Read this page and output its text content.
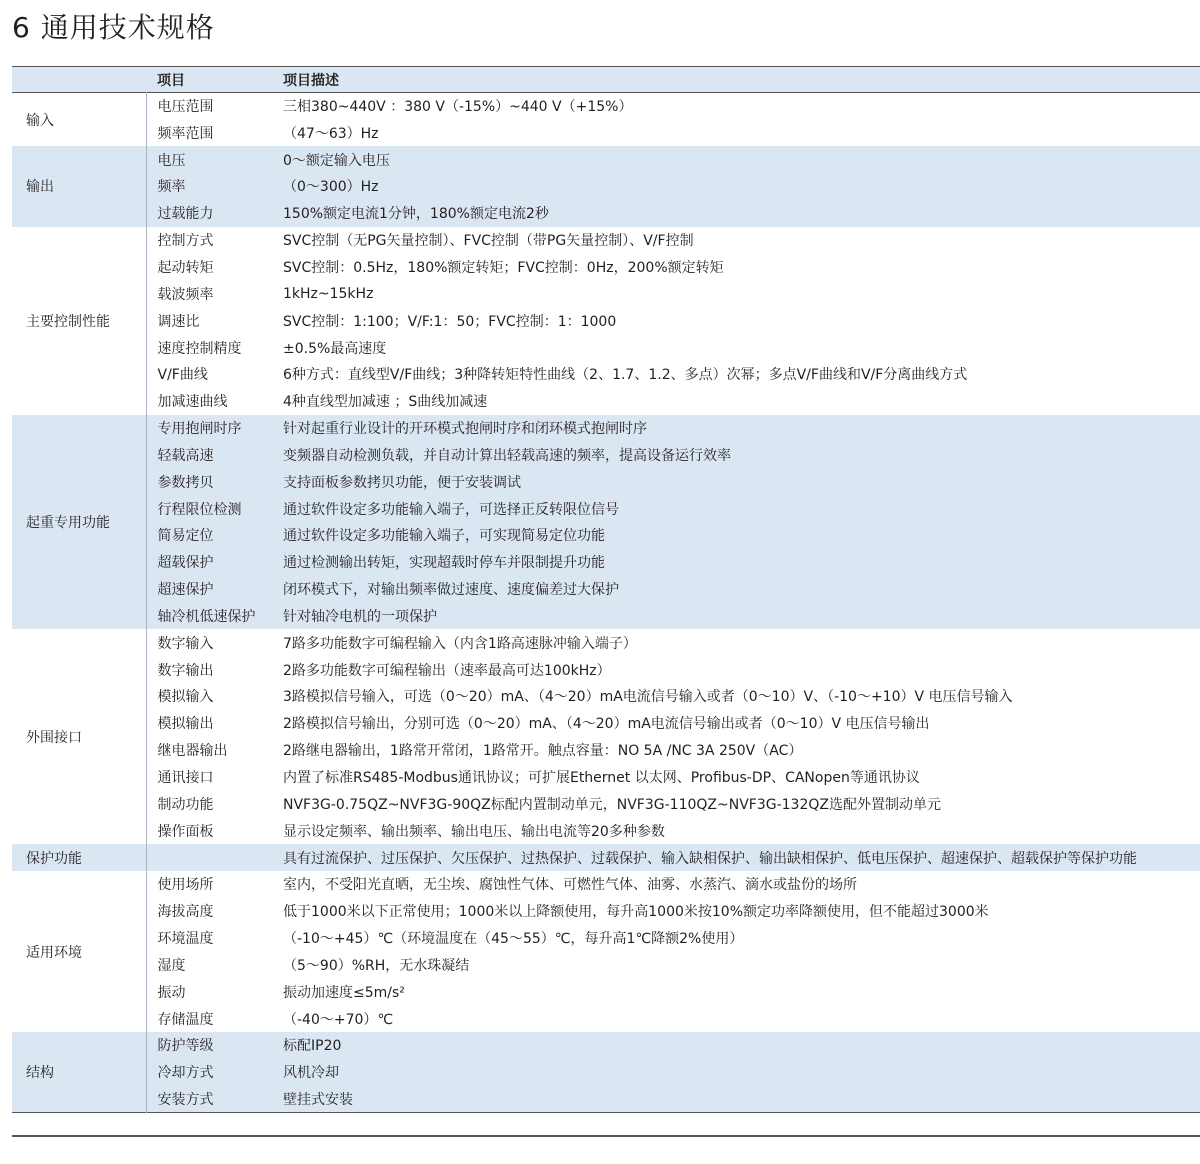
6 通用技术规格
	项目	项目描述
输入	电压范围	三相380~440V ：380 V（-15%）~440 V（+15%）
	频率范围	（47～63）Hz
输出	电压	0～额定输入电压
	频率	（0～300）Hz
	过载能力	150%额定电流1分钟，180%额定电流2秒
主要控制性能	控制方式	SVC控制（无PG矢量控制）、FVC控制（带PG矢量控制）、V/F控制
	起动转矩	SVC控制：0.5Hz，180%额定转矩；FVC控制：0Hz，200%额定转矩
	载波频率	1kHz~15kHz
	调速比	SVC控制：1:100；V/F:1：50；FVC控制：1：1000
	速度控制精度	±0.5%最高速度
	V/F曲线	6种方式：直线型V/F曲线；3种降转矩特性曲线（2、1.7、1.2、多点）次幂；多点V/F曲线和V/F分离曲线方式
	加减速曲线	4种直线型加减速 ；S曲线加减速
起重专用功能	专用抱闸时序	针对起重行业设计的开环模式抱闸时序和闭环模式抱闸时序
	轻载高速	变频器自动检测负载，并自动计算出轻载高速的频率，提高设备运行效率
	参数拷贝	支持面板参数拷贝功能，便于安装调试
	行程限位检测	通过软件设定多功能输入端子，可选择正反转限位信号
	简易定位	通过软件设定多功能输入端子，可实现简易定位功能
	超载保护	通过检测输出转矩，实现超载时停车并限制提升功能
	超速保护	闭环模式下，对输出频率做过速度、速度偏差过大保护
	轴冷机低速保护	针对轴冷电机的一项保护
外围接口	数字输入	7路多功能数字可编程输入（内含1路高速脉冲输入端子）
	数字输出	2路多功能数字可编程输出（速率最高可达100kHz）
	模拟输入	3路模拟信号输入，可选（0～20）mA、（4～20）mA电流信号输入或者（0～10）V、（-10～+10）V 电压信号输入
	模拟输出	2路模拟信号输出，分别可选（0～20）mA、（4～20）mA电流信号输出或者（0～10）V 电压信号输出
	继电器输出	2路继电器输出，1路常开常闭，1路常开。触点容量：NO 5A /NC 3A 250V（AC）
	通讯接口	内置了标准RS485-Modbus通讯协议；可扩展Ethernet 以太网、Profibus-DP、CANopen等通讯协议
	制动功能	NVF3G-0.75QZ~NVF3G-90QZ标配内置制动单元，NVF3G-110QZ~NVF3G-132QZ选配外置制动单元
	操作面板	显示设定频率、输出频率、输出电压、输出电流等20多种参数
保护功能		具有过流保护、过压保护、欠压保护、过热保护、过载保护、输入缺相保护、输出缺相保护、低电压保护、超速保护、超载保护等保护功能
适用环境	使用场所	室内，不受阳光直晒，无尘埃、腐蚀性气体、可燃性气体、油雾、水蒸汽、滴水或盐份的场所
	海拔高度	低于1000米以下正常使用；1000米以上降额使用，每升高1000米按10%额定功率降额使用，但不能超过3000米
	环境温度	（-10～+45）℃（环境温度在（45～55）℃，每升高1℃降额2%使用）
	湿度	（5～90）%RH，无水珠凝结
	振动	振动加速度≤5m/s²
	存储温度	（-40～+70）℃
结构	防护等级	标配IP20
	冷却方式	风机冷却
	安装方式	壁挂式安装
